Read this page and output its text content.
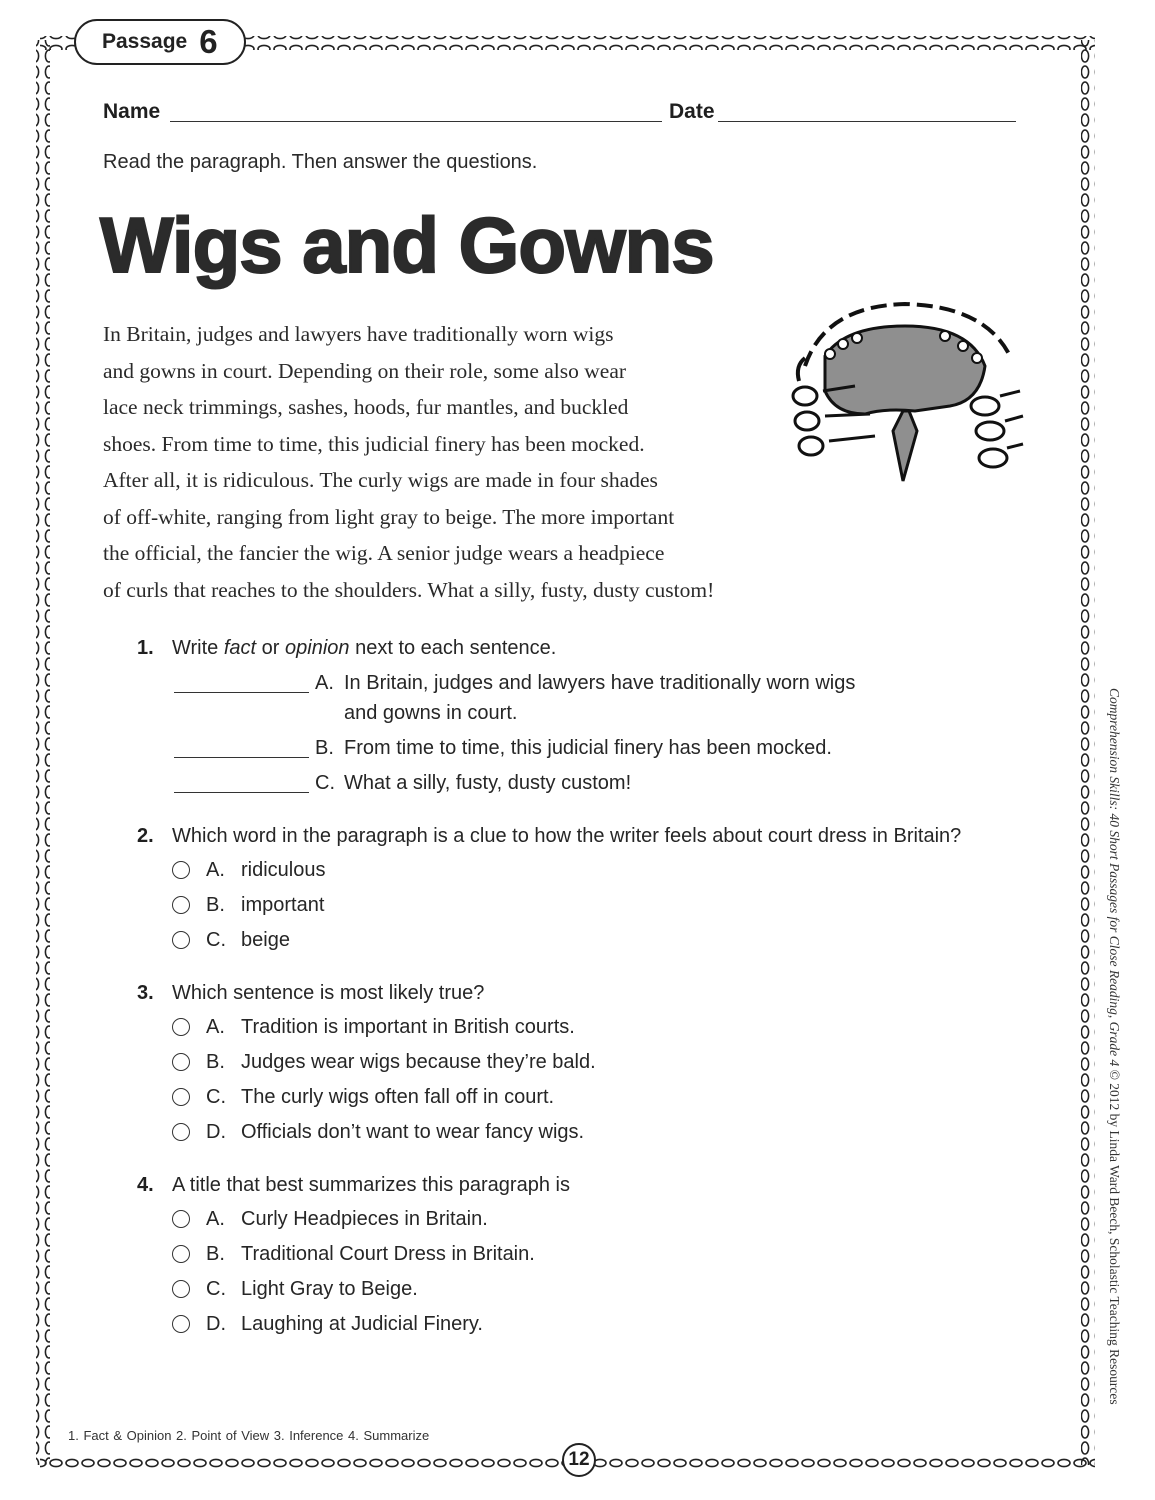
Passage 6
Name	Date
Read the paragraph. Then answer the questions.
Wigs and Gowns
In Britain, judges and lawyers have traditionally worn wigs
and gowns in court. Depending on their role, some also wear
lace neck trimmings, sashes, hoods, fur mantles, and buckled
shoes. From time to time, this judicial finery has been mocked.
After all, it is ridiculous. The curly wigs are made in four shades
of off-white, ranging from light gray to beige. The more important
the official, the fancier the wig. A senior judge wears a headpiece
of curls that reaches to the shoulders. What a silly, fusty, dusty custom!
1. Write fact or opinion next to each sentence.
A. In Britain, judges and lawyers have traditionally worn wigs
and gowns in court.
B. From time to time, this judicial finery has been mocked.
C. What a silly, fusty, dusty custom!
2. Which word in the paragraph is a clue to how the writer feels about court dress in Britain?
A. ridiculous
B. important
C. beige
3. Which sentence is most likely true?
A. Tradition is important in British courts.
B. Judges wear wigs because they’re bald.
C. The curly wigs often fall off in court.
D. Officials don’t want to wear fancy wigs.
4. A title that best summarizes this paragraph is
A. Curly Headpieces in Britain.
B. Traditional Court Dress in Britain.
C. Light Gray to Beige.
D. Laughing at Judicial Finery.
Comprehension Skills: 40 Short Passages for Close Reading, Grade 4 © 2012 by Linda Ward Beech, Scholastic Teaching Resources
1. Fact & Opinion 2. Point of View 3. Inference 4. Summarize
12
